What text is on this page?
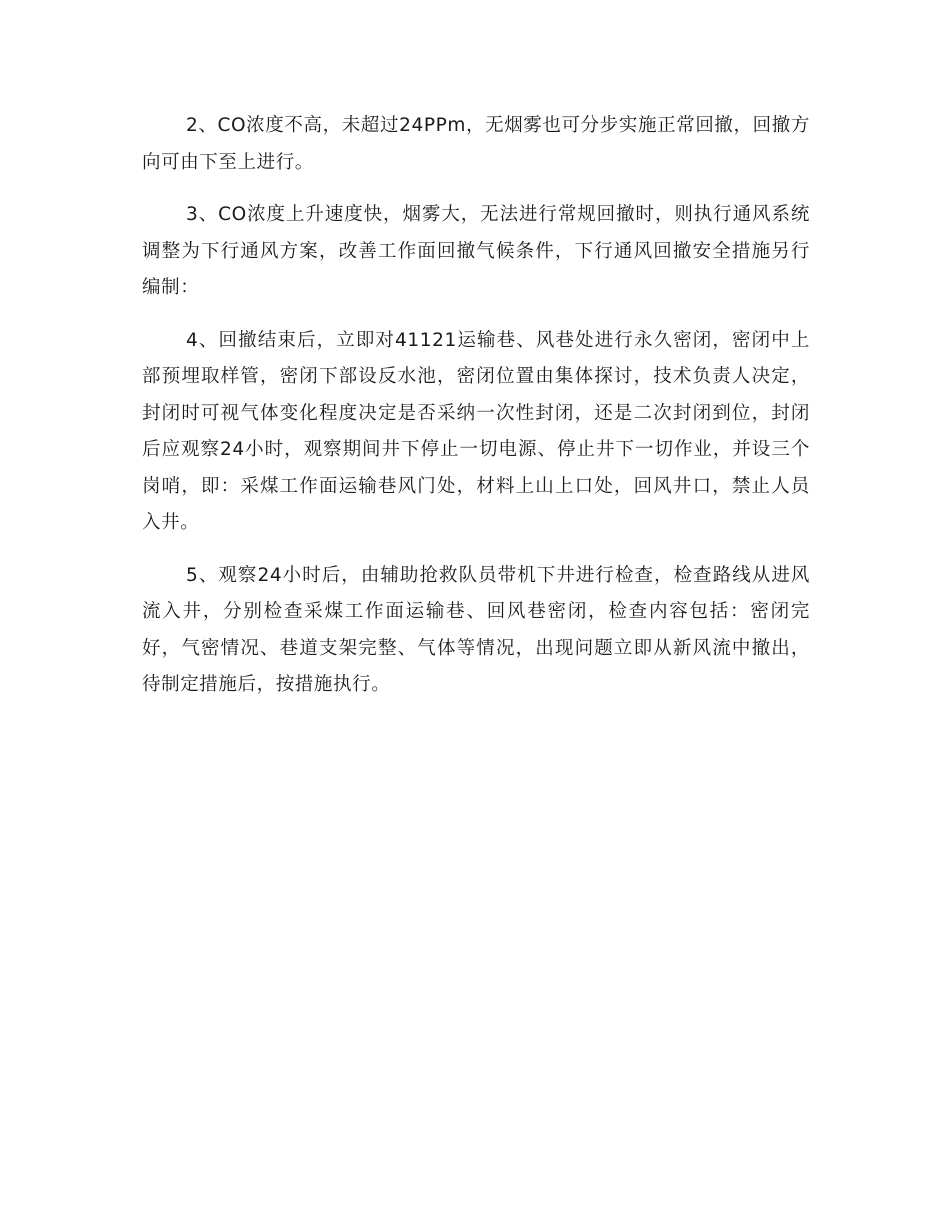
2、CO浓度不高，未超过24PPm，无烟雾也可分步实施正常回撤，回撤方向可由下至上进行。

3、CO浓度上升速度快，烟雾大，无法进行常规回撤时，则执行通风系统调整为下行通风方案，改善工作面回撤气候条件，下行通风回撤安全措施另行编制：

4、回撤结束后，立即对41121运输巷、风巷处进行永久密闭，密闭中上部预埋取样管，密闭下部设反水池，密闭位置由集体探讨，技术负责人决定，封闭时可视气体变化程度决定是否采纳一次性封闭，还是二次封闭到位，封闭后应观察24小时，观察期间井下停止一切电源、停止井下一切作业，并设三个岗哨，即：采煤工作面运输巷风门处，材料上山上口处，回风井口，禁止人员入井。

5、观察24小时后，由辅助抢救队员带机下井进行检查，检查路线从进风流入井，分别检查采煤工作面运输巷、回风巷密闭，检查内容包括：密闭完好，气密情况、巷道支架完整、气体等情况，出现问题立即从新风流中撤出，待制定措施后，按措施执行。
